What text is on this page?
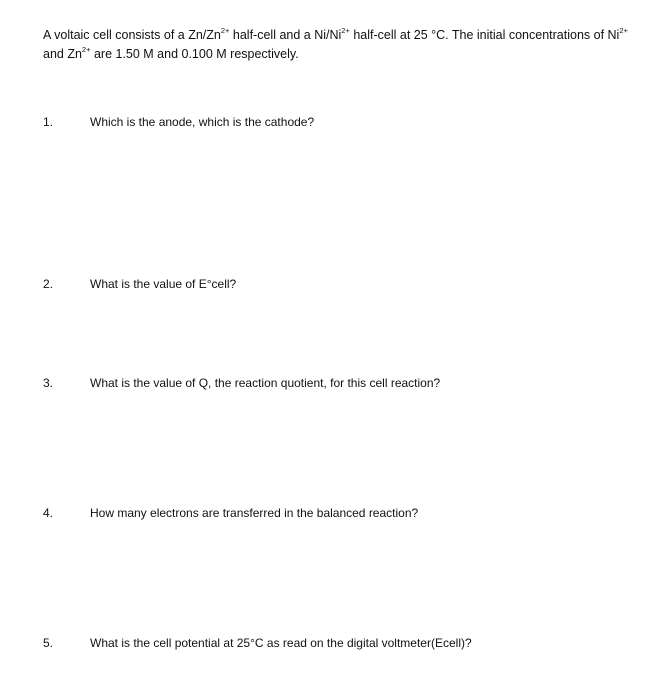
A voltaic cell consists of a $Zn/Zn^{2+}$ half-cell and a $Ni/Ni^{2+}$ half-cell at 25 °C. The initial concentrations of $Ni^{2+}$ and $Zn^{2+}$ are 1.50 M and 0.100 M respectively.
1.	Which is the anode, which is the cathode?
2.	What is the value of E°cell?
3.	What is the value of Q, the reaction quotient, for this cell reaction?
4.	How many electrons are transferred in the balanced reaction?
5.	What is the cell potential at 25°C as read on the digital voltmeter(Ecell)?
